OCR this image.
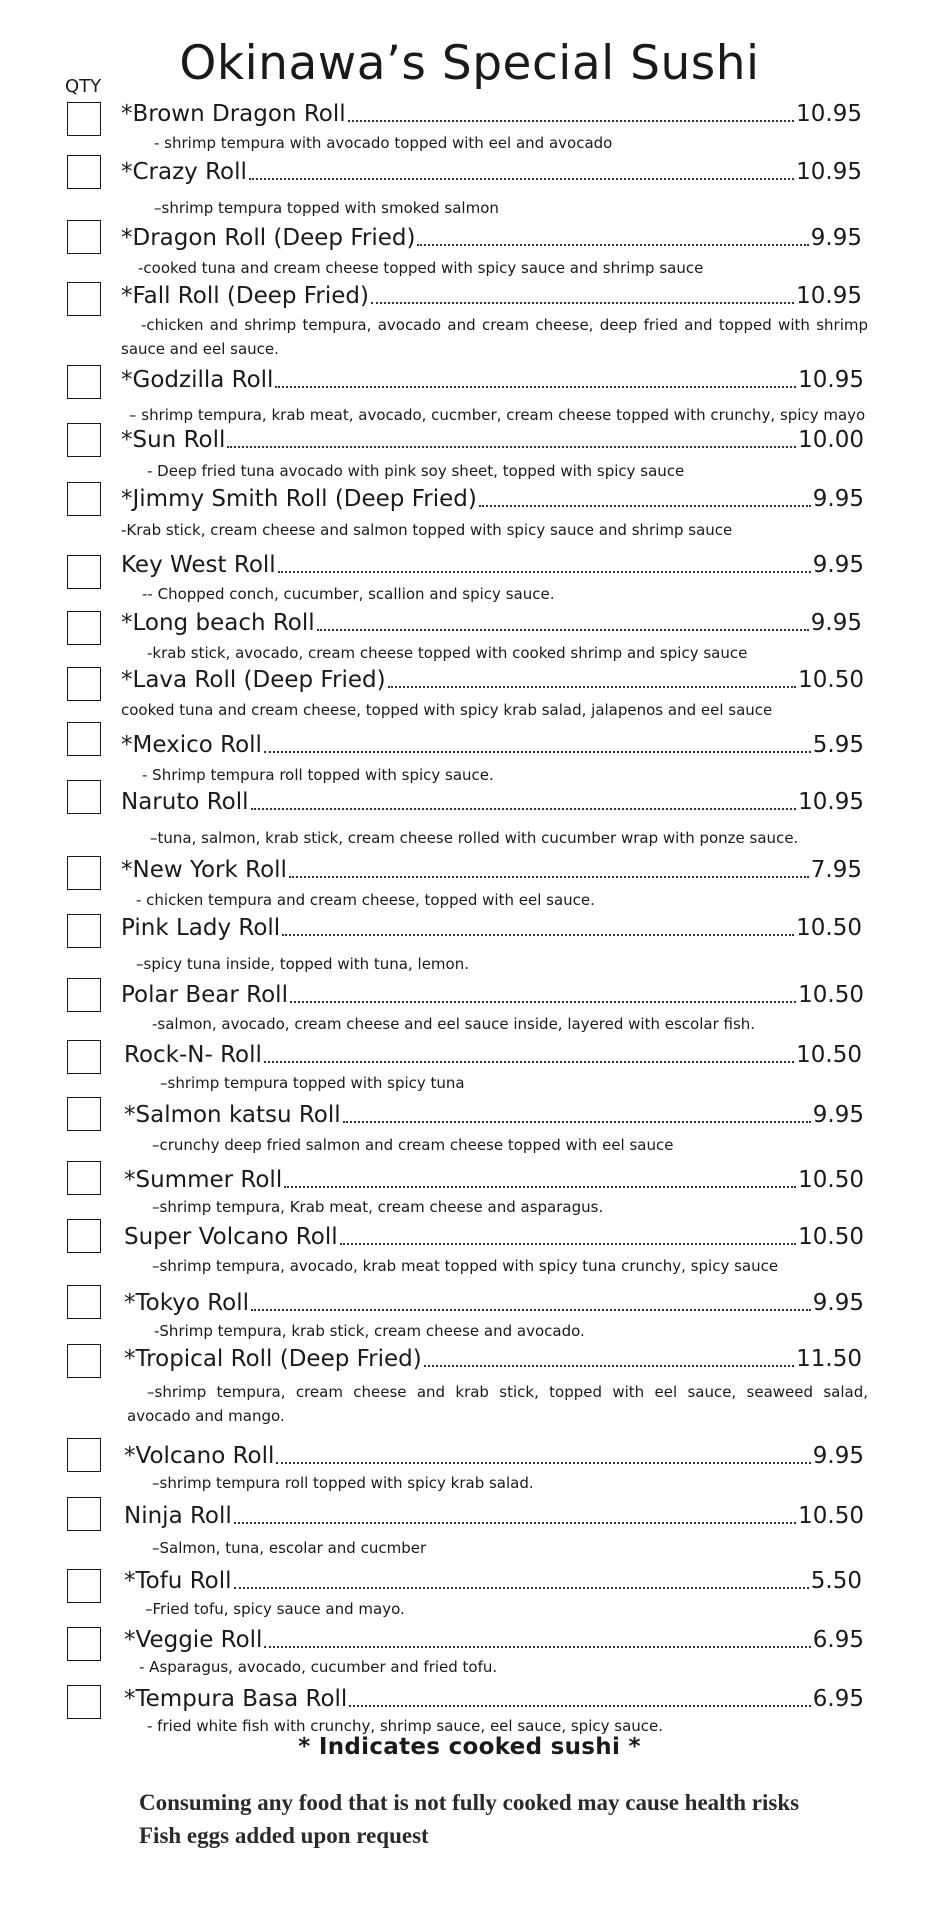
Okinawa’s Special Sushi
QTY
*Brown Dragon Roll	10.95
- shrimp tempura with avocado topped with eel and avocado
*Crazy Roll	10.95
–shrimp tempura topped with smoked salmon
*Dragon Roll (Deep Fried)	9.95
-cooked tuna and cream cheese topped with spicy sauce and shrimp sauce
*Fall Roll (Deep Fried)	10.95
-chicken and shrimp tempura, avocado and cream cheese, deep fried and topped with shrimp sauce and eel sauce.
*Godzilla Roll	10.95
– shrimp tempura, krab meat, avocado, cucmber, cream cheese topped with crunchy, spicy mayo
*Sun Roll	10.00
- Deep fried tuna avocado with pink soy sheet, topped with spicy sauce
*Jimmy Smith Roll (Deep Fried)	9.95
-Krab stick, cream cheese and salmon topped with spicy sauce and shrimp sauce
Key West Roll	9.95
-- Chopped conch, cucumber, scallion and spicy sauce.
*Long beach Roll	9.95
-krab stick, avocado, cream cheese topped with cooked shrimp and spicy sauce
*Lava Roll (Deep Fried)	10.50
cooked tuna and cream cheese, topped with spicy krab salad, jalapenos and eel sauce
*Mexico Roll	5.95
- Shrimp tempura roll topped with spicy sauce.
Naruto Roll	10.95
–tuna, salmon, krab stick, cream cheese rolled with cucumber wrap with ponze sauce.
*New York Roll	7.95
- chicken tempura and cream cheese, topped with eel sauce.
Pink Lady Roll	10.50
–spicy tuna inside, topped with tuna, lemon.
Polar Bear Roll	10.50
-salmon, avocado, cream cheese and eel sauce inside, layered with escolar fish.
Rock-N- Roll	10.50
–shrimp tempura topped with spicy tuna
*Salmon katsu Roll	9.95
–crunchy deep fried salmon and cream cheese topped with eel sauce
*Summer Roll	10.50
–shrimp tempura, Krab meat, cream cheese and asparagus.
Super Volcano Roll	10.50
–shrimp tempura, avocado, krab meat topped with spicy tuna crunchy, spicy sauce
*Tokyo Roll	9.95
-Shrimp tempura, krab stick, cream cheese and avocado.
*Tropical Roll (Deep Fried)	11.50
–shrimp tempura, cream cheese and krab stick, topped with eel sauce, seaweed salad, avocado and mango.
*Volcano Roll	9.95
–shrimp tempura roll topped with spicy krab salad.
Ninja Roll	10.50
–Salmon, tuna, escolar and cucmber
*Tofu Roll	5.50
–Fried tofu, spicy sauce and mayo.
*Veggie Roll	6.95
- Asparagus, avocado, cucumber and fried tofu.
*Tempura Basa Roll	6.95
- fried white fish with crunchy, shrimp sauce, eel sauce, spicy sauce.
* Indicates cooked sushi *
Consuming any food that is not fully cooked may cause health risks
Fish eggs added upon request
